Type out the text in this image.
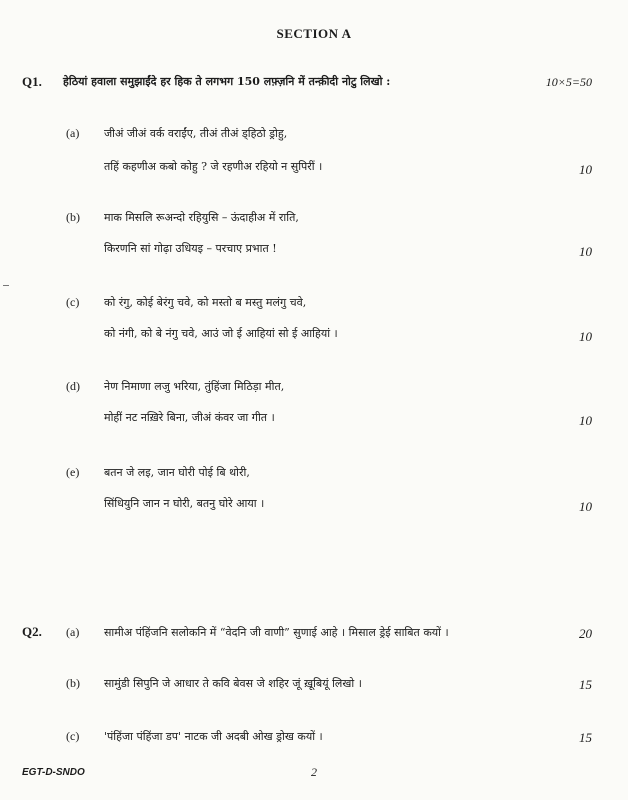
SECTION A
Q1. हेठियां हवाला समुझाईंदे हर हिक ते लगभग 150 लफ़्ज़नि में तन्क़ीदी नोटु लिखो :	10×5=50
(a) जीअं जीअं वर्क वराईंए, तीअं तीअं ड्हिठो ड्रोहु,
तहिं कहणीअ कबो कोहु ? जे रहणीअ रहियो न सुपिरीं ।	10
(b) माक मिसलि रूअन्दो रहियुसि – ऊंदाहीअ में राति,
किरणनि सां गोढ़ा उधियइ – परचाए प्रभात !	10
(c) को रंगु, कोई बेरंगु चवे, को मस्तो ब मस्तु मलंगु चवे,
को नंगी, को बे नंगु चवे, आउं जो ई आहियां सो ई आहियां ।	10
(d) नेण निमाणा लजु भरिया, तुंहिंजा मिठिड़ा मीत,
मोहीं नट नख़िरे बिना, जीअं कंवर जा गीत ।	10
(e) बतन जे लइ, जान घोरी पोई बि थोरी,
सिंधियुनि जान न घोरी, बतनु घोरे आया ।	10
Q2. (a) सामीअ पंहिंजनि सलोकनि में “वेदनि जी वाणी” सुणाई आहे । मिसाल ड्रेई साबित कयों ।	20
(b) सामुंडी सिपुनि जे आधार ते कवि बेवस जे शहिर जूं ख़ूबियूं लिखो ।	15
(c) 'पंहिंजा पंहिंजा डप' नाटक जी अदबी ओख ड्रोख कयों ।	15
EGT-D-SNDO	2
